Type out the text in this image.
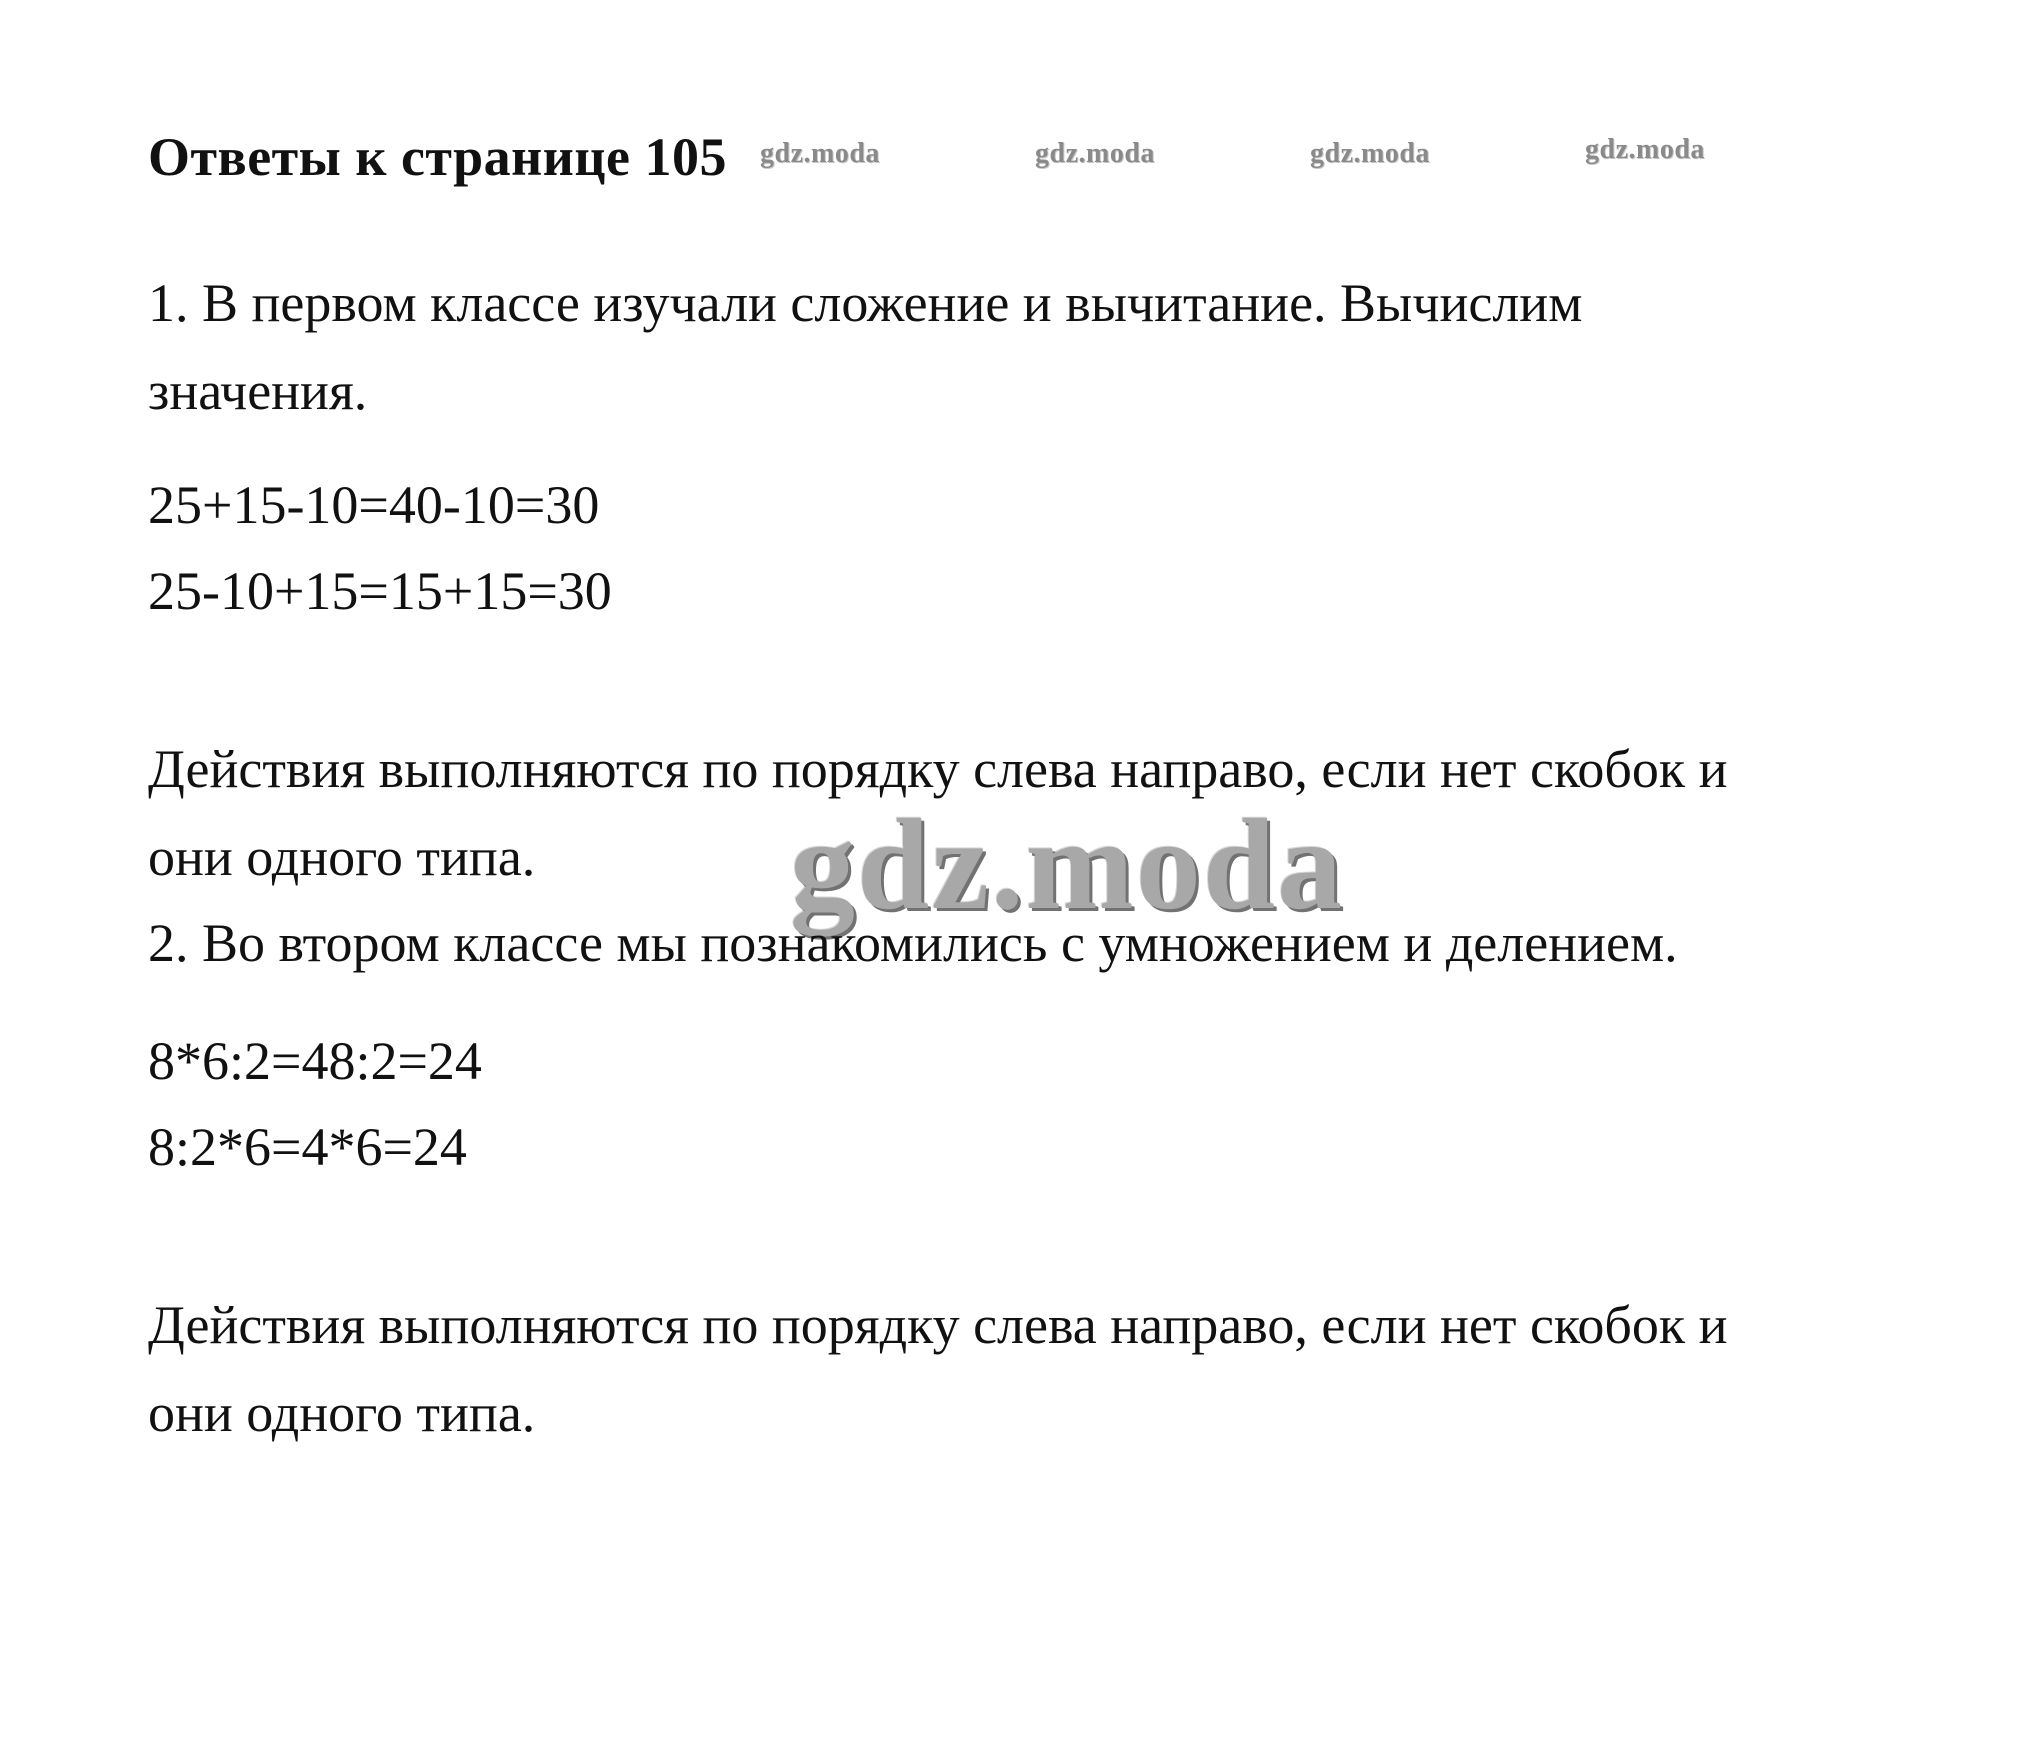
Ответы к странице 105 gdz.moda	gdz.moda	gdz.moda	gdz.moda
1. В первом классе изучали сложение и вычитание. Вычислим
значения.
25+15-10=40-10=30
25-10+15=15+15=30
Действия выполняются по порядку слева направо, если нет скобок и
они одного типа. gdz.moda
2. Во втором классе мы познакомились с умножением и делением.
8*6:2=48:2=24
8:2*6=4*6=24
Действия выполняются по порядку слева направо, если нет скобок и
они одного типа.
